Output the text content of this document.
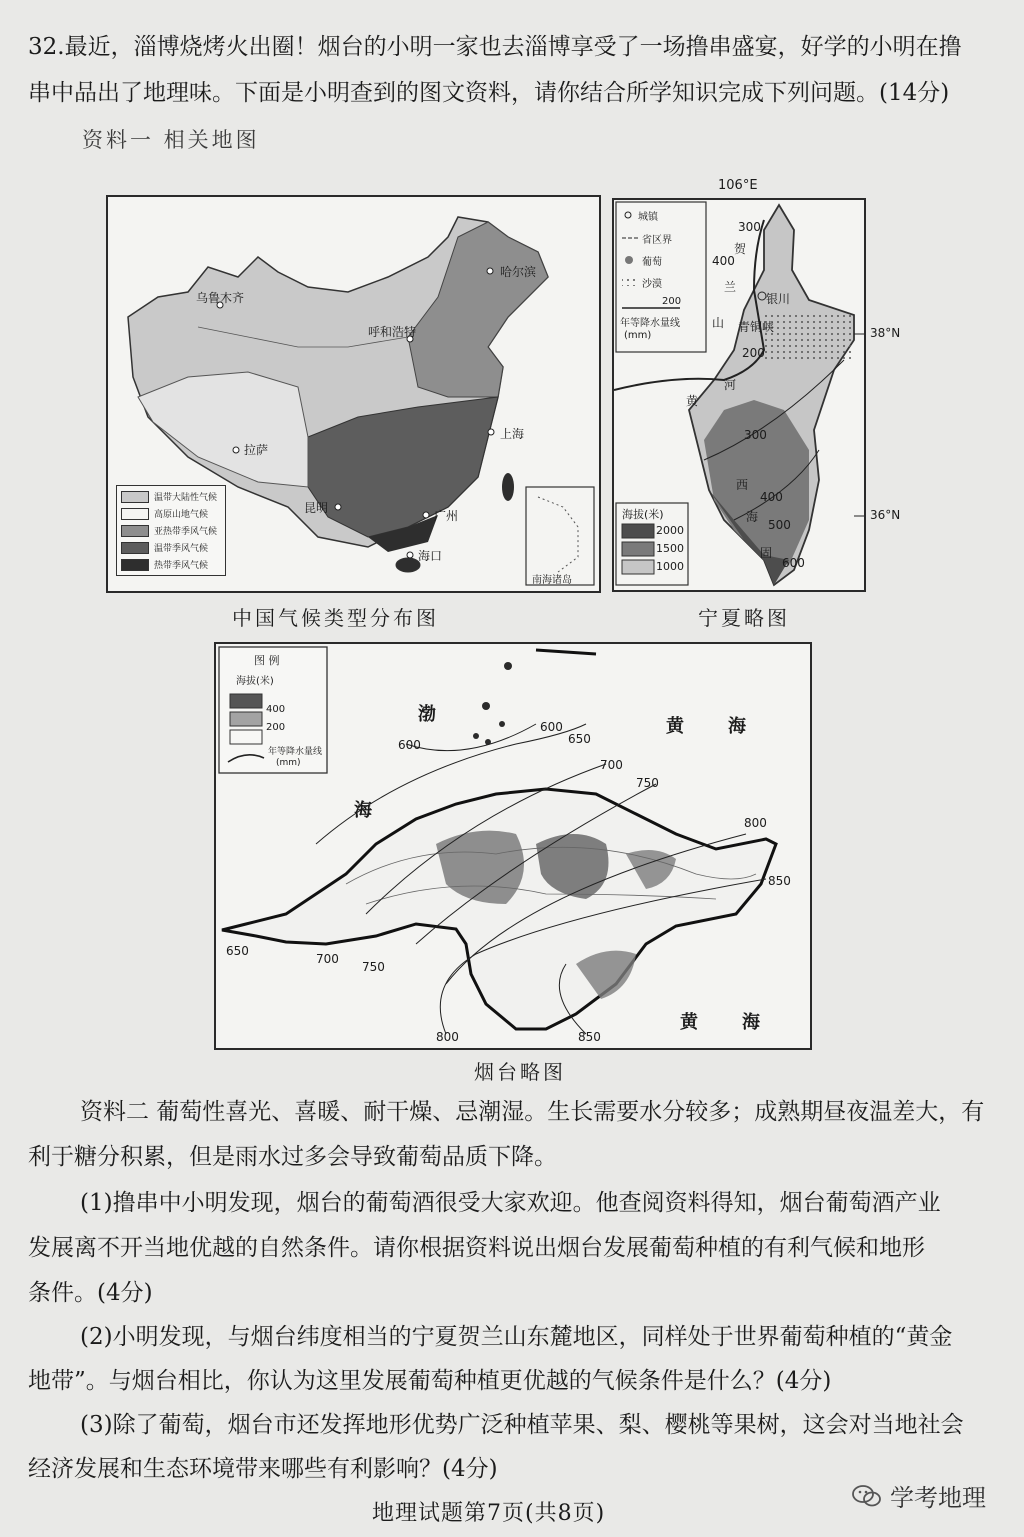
32.最近，淄博烧烤火出圈！烟台的小明一家也去淄博享受了一场撸串盛宴，好学的小明在撸
串中品出了地理味。下面是小明查到的图文资料，请你结合所学知识完成下列问题。(14分)
资料一 相关地图
乌鲁木齐
哈尔滨
呼和浩特
拉萨
上海
昆明
广州
海口
南海诸岛
温带大陆性气候
高原山地气候
亚热带季风气候
温带季风气候
热带季风气候
中国气候类型分布图
106°E
城镇
省区界
葡萄
沙漠
200
年等降水量线
(mm)
海拔(米)
2000
1500
1000
银川
贺
兰
山 青铜峡
黄
河
西
海
固
300
400
200
300
400
500
600
38°N
36°N
宁夏略图
图 例
海拔(米)
400
200
年等降水量线
(mm)
渤
海
黄 海
黄 海
600
600
650
700
750
800
850
650
700
750
800	850
烟台略图
资料二 葡萄性喜光、喜暖、耐干燥、忌潮湿。生长需要水分较多；成熟期昼夜温差大，有
利于糖分积累，但是雨水过多会导致葡萄品质下降。
(1)撸串中小明发现，烟台的葡萄酒很受大家欢迎。他查阅资料得知，烟台葡萄酒产业
发展离不开当地优越的自然条件。请你根据资料说出烟台发展葡萄种植的有利气候和地形
条件。(4分)
(2)小明发现，与烟台纬度相当的宁夏贺兰山东麓地区，同样处于世界葡萄种植的“黄金
地带”。与烟台相比，你认为这里发展葡萄种植更优越的气候条件是什么？(4分)
(3)除了葡萄，烟台市还发挥地形优势广泛种植苹果、梨、樱桃等果树，这会对当地社会
经济发展和生态环境带来哪些有利影响？(4分)
地理试题第7页(共8页)
学考地理
